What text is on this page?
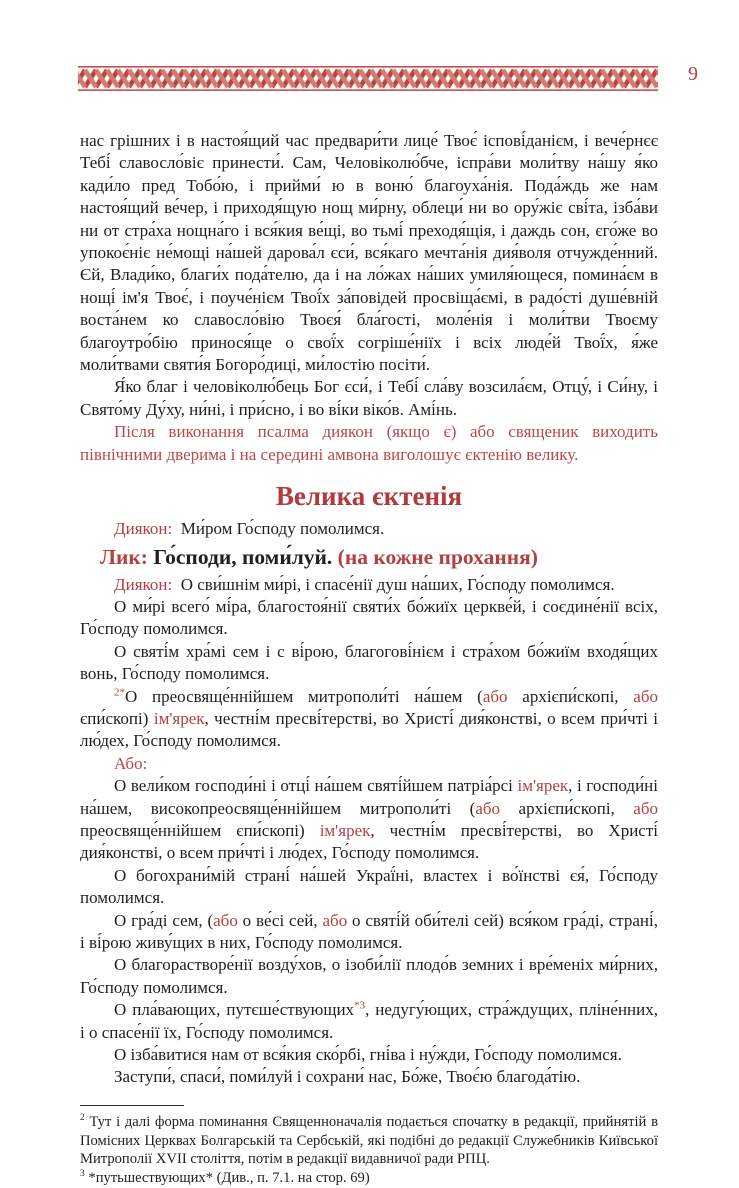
9

нас грішних і в настоя́щий час предвари́ти лице́ Твоє́ іспові́данієм, і вече́рнєє Тебі́ славосло́віє принести́. Сам, Человіколю́бче, іспра́ви моли́тву на́шу я́ко кади́ло пред Тобо́ю, і прийми́ ю в воню́ благоуха́нія. Пода́ждь же нам настоя́щий ве́чер, і приходя́щую нощ ми́рну, облеци́ ни во ору́жіє сві́та, ізба́ви ни от стра́ха нощна́го і вся́кия ве́щі, во тьмі́ преходя́щія, і даждь сон, єго́же во упокоє́ніє не́мощі на́шей дарова́л єси́, вся́каго мечта́нія дия́воля отчужде́нний. Єй, Влади́ко, благи́х пода́телю, да і на ло́жах на́ших умиля́ющеся, помина́єм в нощі́ ім'я Твоє́, і поуче́нієм Твої́х за́повідей просвіща́ємі, в радо́сті душе́вній воста́нем ко славосло́вію Твоєя́ бла́гості, моле́нія і моли́тви Твоєму благоутро́бію принося́ще о свої́х согріше́ніїх і всіх люде́й Твої́х, я́же моли́твами святи́я Богоро́диці, ми́лостію посіти́.

Я́ко благ і человіколю́бець Бог єси́, і Тебі́ сла́ву возсила́єм, Отцу́, і Си́ну, і Свято́му Ду́ху, ни́ні, і при́сно, і во ві́ки віко́в. Амі́нь.

Після виконання псалма диякон (якщо є) або священик виходить північними дверима і на середині амвона виголошує єктенію велику.

Велика єктенія

Диякон: Ми́ром Го́споду помолимся.

Лик: Го́споди, поми́луй. (на кожне прохання)

Диякон: О сви́шнім ми́рі, і спасе́нії душ на́ших, Го́споду помолимся.

О ми́рі всего́ мі́ра, благостоя́нії святи́х бо́жиїх церкве́й, і соєдине́нії всіх, Го́споду помолимся.

О святі́м хра́мі сем і с ві́рою, благогові́нієм і стра́хом бо́жиїм входя́щих вонь, Го́споду помолимся.

$^{2*}$О преосвяще́ннійшем митрополи́ті на́шем (або архієпи́скопі, або єпи́скопі) ім'ярек, честні́м пресві́терстві, во Христі́ дия́констві, о всем при́чті і лю́дех, Го́споду помолимся.

Або:

О вели́ком господи́ні і отці́ на́шем святі́йшем патріа́рсі ім'ярек, і господи́ні на́шем, високопреосвяще́ннійшем митрополи́ті (або архієпи́скопі, або преосвяще́ннійшем єпи́скопі) ім'ярек, честні́м пресві́терстві, во Христі́ дия́констві, о всем при́чті і лю́дех, Го́споду помолимся.

О богохрани́мій страні́ на́шей Украї́ні, властех і во́їнстві єя́, Го́споду помолимся.

О гра́ді сем, (або о ве́сі сей, або о святі́й оби́телі сей) вся́ком гра́ді, страні́, і ві́рою живу́щих в них, Го́споду помолимся.

О благорастворе́нії возду́хов, о ізоби́лії плодо́в земних і вре́меніх ми́рних, Го́споду помолимся.

О пла́вающих, путєше́ствующих$^{*3}$, недугу́ющих, стра́ждущих, пліне́нних, і о спасе́нії їх, Го́споду помолимся.

О ізба́витися нам от вся́кия ско́рбі, гні́ва і ну́жди, Го́споду помолимся.

Заступи́, спаси́, поми́луй і сохрани́ нас, Бо́же, Твоє́ю благода́тію.

$^2$ Тут і далі форма поминання Священноначалія подається спочатку в редакції, прийнятій в Помісних Церквах Болгарській та Сербській, які подібні до редакції Служебників Київської Митрополії XVII століття, потім в редакції видавничої ради РПЦ.

$^3$ *путьшествующих* (Див., п. 7.1. на стор. 69)
